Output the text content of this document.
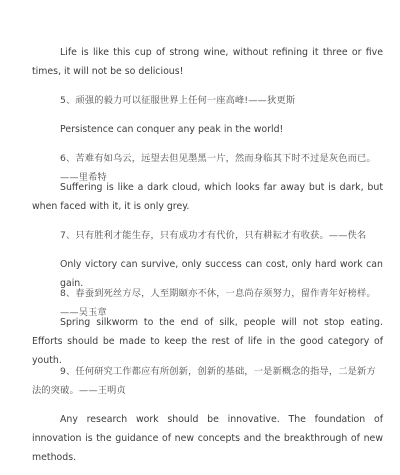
Life is like this cup of strong wine, without refining it three or five times, it will not be so delicious!

5、顽强的毅力可以征服世界上任何一座高峰!——狄更斯

Persistence can conquer any peak in the world!

6、苦难有如乌云，远望去但见墨黑一片，然而身临其下时不过是灰色而已。——里希特

Suffering is like a dark cloud, which looks far away but is dark, but when faced with it, it is only grey.

7、只有胜利才能生存，只有成功才有代价，只有耕耘才有收获。——佚名

Only victory can survive, only success can cost, only hard work can gain.

8、春蚕到死丝方尽，人至期颐亦不休，一息尚存须努力，留作青年好榜样。——吴玉章

Spring silkworm to the end of silk, people will not stop eating. Efforts should be made to keep the rest of life in the good category of youth.

9、任何研究工作都应有所创新，创新的基础，一是新概念的指导，二是新方法的突破。——王明贞

Any research work should be innovative. The foundation of innovation is the guidance of new concepts and the breakthrough of new methods.
